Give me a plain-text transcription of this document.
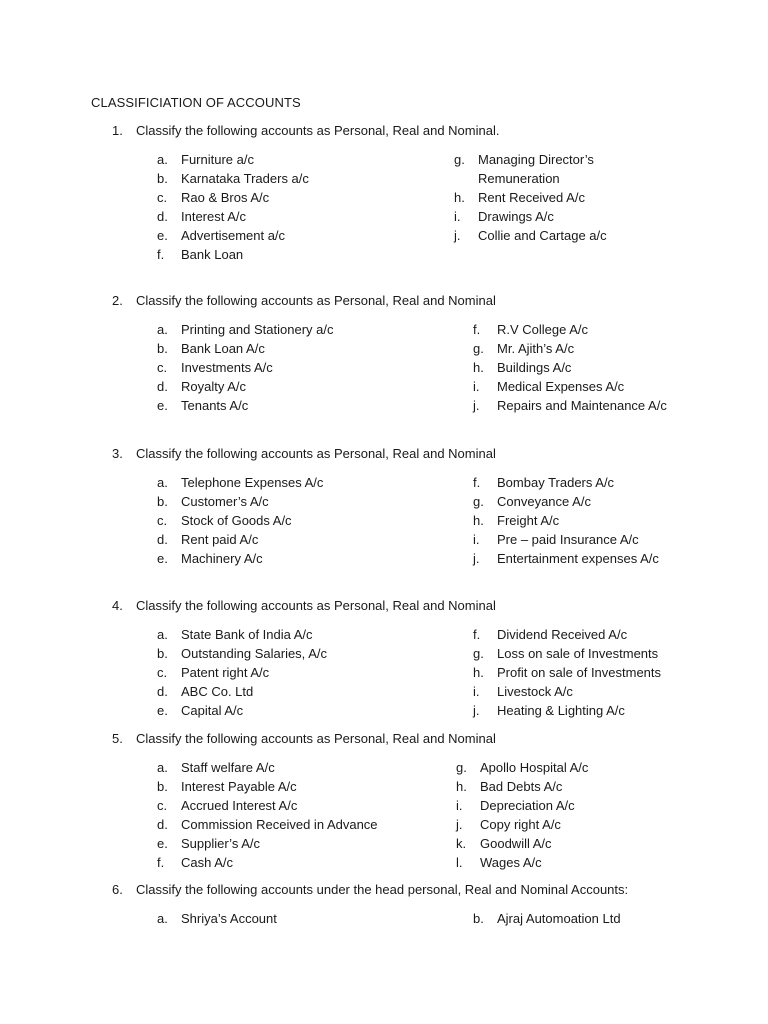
CLASSIFICIATION OF ACCOUNTS
1. Classify the following accounts as Personal, Real and Nominal.
a. Furniture a/c
b. Karnataka Traders a/c
c. Rao & Bros A/c
d. Interest A/c
e. Advertisement a/c
f. Bank Loan
g. Managing Director’s
Remuneration
h. Rent Received A/c
i. Drawings A/c
j. Collie and Cartage a/c
2. Classify the following accounts as Personal, Real and Nominal
a. Printing and Stationery a/c
b. Bank Loan A/c
c. Investments A/c
d. Royalty A/c
e. Tenants A/c
f. R.V College A/c
g. Mr. Ajith’s A/c
h. Buildings A/c
i. Medical Expenses A/c
j. Repairs and Maintenance A/c
3. Classify the following accounts as Personal, Real and Nominal
a. Telephone Expenses A/c
b. Customer’s A/c
c. Stock of Goods A/c
d. Rent paid A/c
e. Machinery A/c
f. Bombay Traders A/c
g. Conveyance A/c
h. Freight A/c
i. Pre – paid Insurance A/c
j. Entertainment expenses A/c
4. Classify the following accounts as Personal, Real and Nominal
a. State Bank of India A/c
b. Outstanding Salaries, A/c
c. Patent right A/c
d. ABC Co. Ltd
e. Capital A/c
f. Dividend Received A/c
g. Loss on sale of Investments
h. Profit on sale of Investments
i. Livestock A/c
j. Heating & Lighting A/c
5. Classify the following accounts as Personal, Real and Nominal
a. Staff welfare A/c
b. Interest Payable A/c
c. Accrued Interest A/c
d. Commission Received in Advance
e. Supplier’s A/c
f. Cash A/c
g. Apollo Hospital A/c
h. Bad Debts A/c
i. Depreciation A/c
j. Copy right A/c
k. Goodwill A/c
l. Wages A/c
6. Classify the following accounts under the head personal, Real and Nominal Accounts:
a. Shriya’s Account	b. Ajraj Automoation Ltd
